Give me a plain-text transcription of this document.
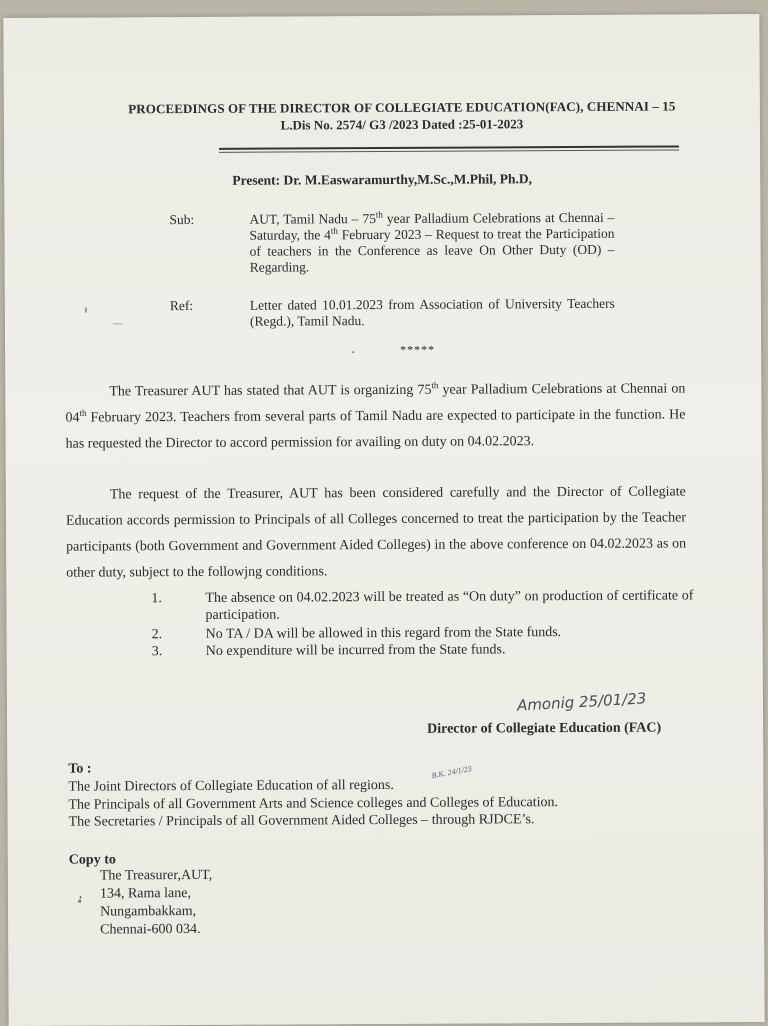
PROCEEDINGS OF THE DIRECTOR OF COLLEGIATE EDUCATION(FAC), CHENNAI – 15
L.Dis No. 2574/ G3 /2023 Dated :25-01-2023
Present: Dr. M.Easwaramurthy,M.Sc.,M.Phil, Ph.D,
Sub:	AUT, Tamil Nadu – 75th year Palladium Celebrations at Chennai – Saturday, the 4th February 2023 – Request to treat the Participation of teachers in the Conference as leave On Other Duty (OD) – Regarding.
Ref:	Letter dated 10.01.2023 from Association of University Teachers (Regd.), Tamil Nadu.
*****
The Treasurer AUT has stated that AUT is organizing 75th year Palladium Celebrations at Chennai on 04th February 2023. Teachers from several parts of Tamil Nadu are expected to participate in the function. He has requested the Director to accord permission for availing on duty on 04.02.2023.
The request of the Treasurer, AUT has been considered carefully and the Director of Collegiate Education accords permission to Principals of all Colleges concerned to treat the participation by the Teacher participants (both Government and Government Aided Colleges) in the above conference on 04.02.2023 as on other duty, subject to the followjng conditions.
1.	The absence on 04.02.2023 will be treated as “On duty” on production of certificate of participation.
2.	No TA / DA will be allowed in this regard from the State funds.
3.	No expenditure will be incurred from the State funds.
Amonig 25/01/23
Director of Collegiate Education (FAC)
To :
The Joint Directors of Collegiate Education of all regions.
B.K. 24/1/23
The Principals of all Government Arts and Science colleges and Colleges of Education.
The Secretaries / Principals of all Government Aided Colleges – through RJDCE’s.
Copy to
The Treasurer,AUT,
134, Rama lane,
➶
Nungambakkam,
Chennai-600 034.
